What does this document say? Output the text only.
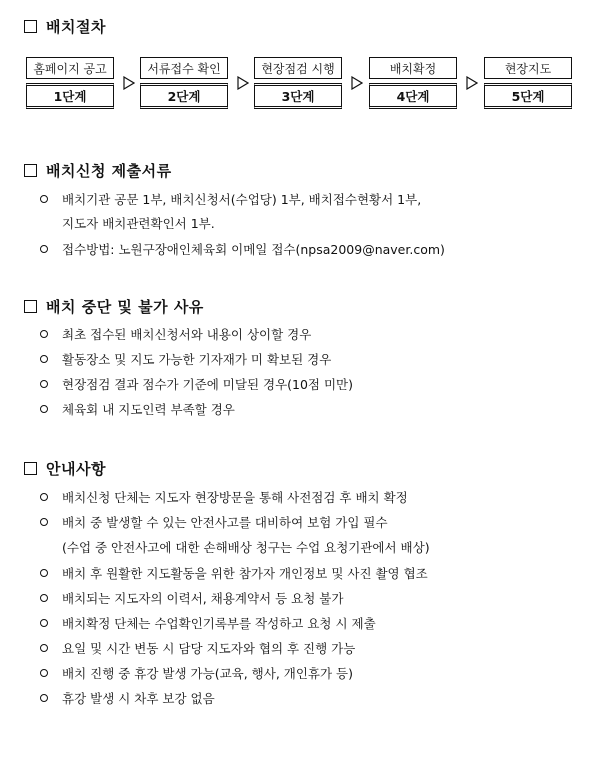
배치절차
홈페이지 공고
1단계
서류접수 확인
2단계
현장점검 시행
3단계
배치확정
4단계
현장지도
5단계
배치신청 제출서류
배치기관 공문 1부, 배치신청서(수업당) 1부, 배치접수현황서 1부,
지도자 배치관련확인서 1부.
접수방법: 노원구장애인체육회 이메일 접수(npsa2009@naver.com)
배치 중단 및 불가 사유
최초 접수된 배치신청서와 내용이 상이할 경우
활동장소 및 지도 가능한 기자재가 미 확보된 경우
현장점검 결과 점수가 기준에 미달된 경우(10점 미만)
체육회 내 지도인력 부족할 경우
안내사항
배치신청 단체는 지도자 현장방문을 통해 사전점검 후 배치 확정
배치 중 발생할 수 있는 안전사고를 대비하여 보험 가입 필수
(수업 중 안전사고에 대한 손해배상 청구는 수업 요청기관에서 배상)
배치 후 원활한 지도활동을 위한 참가자 개인정보 및 사진 촬영 협조
배치되는 지도자의 이력서, 채용계약서 등 요청 불가
배치확정 단체는 수업확인기록부를 작성하고 요청 시 제출
요일 및 시간 변동 시 담당 지도자와 협의 후 진행 가능
배치 진행 중 휴강 발생 가능(교육, 행사, 개인휴가 등)
휴강 발생 시 차후 보강 없음
